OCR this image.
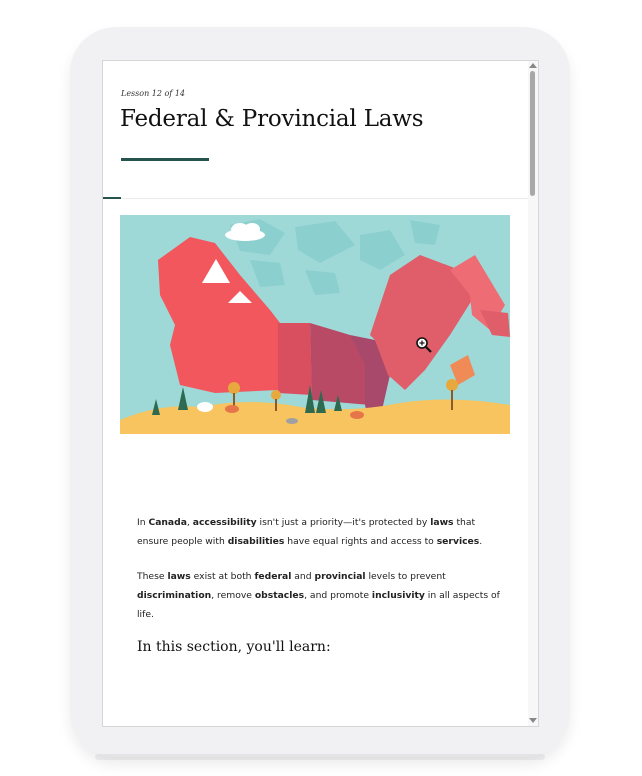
Lesson 12 of 14
Federal & Provincial Laws

In Canada, accessibility isn't just a priority—it's protected by laws that ensure people with disabilities have equal rights and access to services.

These laws exist at both federal and provincial levels to prevent discrimination, remove obstacles, and promote inclusivity in all aspects of life.

In this section, you'll learn:
